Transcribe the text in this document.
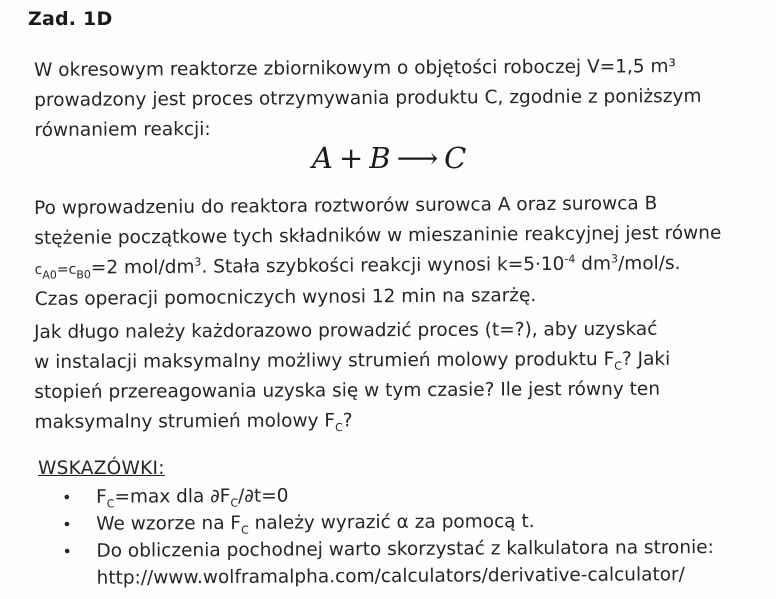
Zad. 1D
W okresowym reaktorze zbiornikowym o objętości roboczej V=1,5 m³
prowadzony jest proces otrzymywania produktu C, zgodnie z poniższym
równaniem reakcji:
A + B ⟶ C
Po wprowadzeniu do reaktora roztworów surowca A oraz surowca B
stężenie początkowe tych składników w mieszaninie reakcyjnej jest równe
$c_{A0}=c_{B0}=2$ mol/$dm^3$. Stała szybkości reakcji wynosi $k=5\cdot 10^{-4}$ $dm^3/mol/s$.
Czas operacji pomocniczych wynosi 12 min na szarżę.
Jak długo należy każdorazowo prowadzić proces (t=?), aby uzyskać
w instalacji maksymalny możliwy strumień molowy produktu $F_C$? Jaki
stopień przereagowania uzyska się w tym czasie? Ile jest równy ten
maksymalny strumień molowy $F_C$?
WSKAZÓWKI:
• $F_C=\max$ dla $\partial F_C/\partial t=0$
• We wzorze na $F_C$ należy wyrazić α za pomocą t.
• Do obliczenia pochodnej warto skorzystać z kalkulatora na stronie:
http://www.wolframalpha.com/calculators/derivative-calculator/
